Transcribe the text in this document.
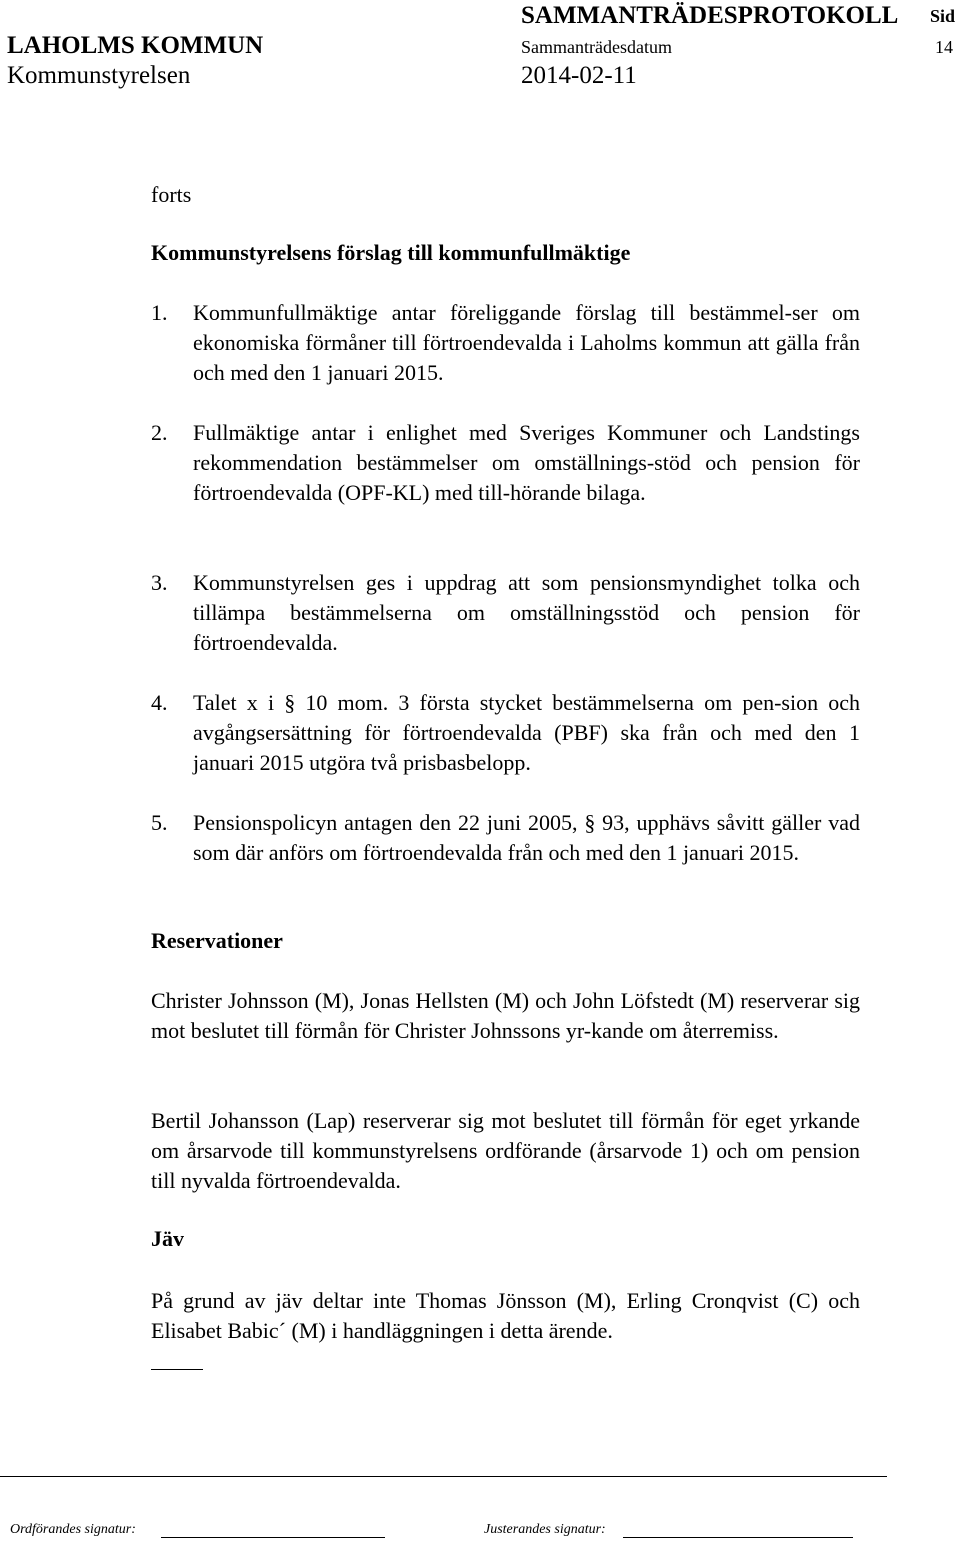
SAMMANTRÄDESPROTOKOLL Sid
LAHOLMS KOMMUN	Sammanträdesdatum	14
Kommunstyrelsen	2014-02-11
forts
Kommunstyrelsens förslag till kommunfullmäktige
1. Kommunfullmäktige antar föreliggande förslag till bestämmel-ser om ekonomiska förmåner till förtroendevalda i Laholms kommun att gälla från och med den 1 januari 2015.
2. Fullmäktige antar i enlighet med Sveriges Kommuner och Landstings rekommendation bestämmelser om omställnings-stöd och pension för förtroendevalda (OPF-KL) med till-hörande bilaga.
3. Kommunstyrelsen ges i uppdrag att som pensionsmyndighet tolka och tillämpa bestämmelserna om omställningsstöd och pension för förtroendevalda.
4. Talet x i § 10 mom. 3 första stycket bestämmelserna om pen-sion och avgångsersättning för förtroendevalda (PBF) ska från och med den 1 januari 2015 utgöra två prisbasbelopp.
5. Pensionspolicyn antagen den 22 juni 2005, § 93, upphävs såvitt gäller vad som där anförs om förtroendevalda från och med den 1 januari 2015.
Reservationer
Christer Johnsson (M), Jonas Hellsten (M) och John Löfstedt (M) reserverar sig mot beslutet till förmån för Christer Johnssons yr-kande om återremiss.
Bertil Johansson (Lap) reserverar sig mot beslutet till förmån för eget yrkande om årsarvode till kommunstyrelsens ordförande (årsarvode 1) och om pension till nyvalda förtroendevalda.
Jäv
På grund av jäv deltar inte Thomas Jönsson (M), Erling Cronqvist (C) och Elisabet Babic´ (M) i handläggningen i detta ärende.
Ordförandes signatur:	Justerandes signatur:
